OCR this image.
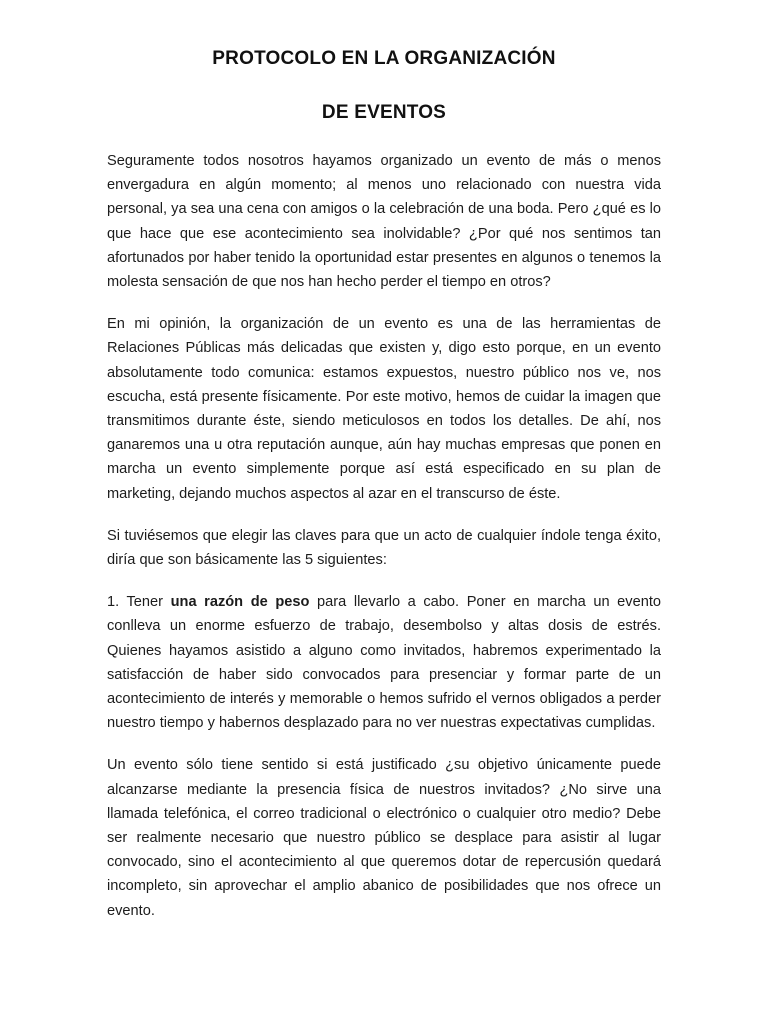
PROTOCOLO EN LA ORGANIZACIÓN
DE EVENTOS

Seguramente todos nosotros hayamos organizado un evento de más o menos envergadura en algún momento; al menos uno relacionado con nuestra vida personal, ya sea una cena con amigos o la celebración de una boda. Pero ¿qué es lo que hace que ese acontecimiento sea inolvidable? ¿Por qué nos sentimos tan afortunados por haber tenido la oportunidad estar presentes en algunos o tenemos la molesta sensación de que nos han hecho perder el tiempo en otros?

En mi opinión, la organización de un evento es una de las herramientas de Relaciones Públicas más delicadas que existen y, digo esto porque, en un evento absolutamente todo comunica: estamos expuestos, nuestro público nos ve, nos escucha, está presente físicamente. Por este motivo, hemos de cuidar la imagen que transmitimos durante éste, siendo meticulosos en todos los detalles. De ahí, nos ganaremos una u otra reputación aunque, aún hay muchas empresas que ponen en marcha un evento simplemente porque así está especificado en su plan de marketing, dejando muchos aspectos al azar en el transcurso de éste.

Si tuviésemos que elegir las claves para que un acto de cualquier índole tenga éxito, diría que son básicamente las 5 siguientes:

1. Tener una razón de peso para llevarlo a cabo. Poner en marcha un evento conlleva un enorme esfuerzo de trabajo, desembolso y altas dosis de estrés. Quienes hayamos asistido a alguno como invitados, habremos experimentado la satisfacción de haber sido convocados para presenciar y formar parte de un acontecimiento de interés y memorable o hemos sufrido el vernos obligados a perder nuestro tiempo y habernos desplazado para no ver nuestras expectativas cumplidas.

Un evento sólo tiene sentido si está justificado ¿su objetivo únicamente puede alcanzarse mediante la presencia física de nuestros invitados? ¿No sirve una llamada telefónica, el correo tradicional o electrónico o cualquier otro medio? Debe ser realmente necesario que nuestro público se desplace para asistir al lugar convocado, sino el acontecimiento al que queremos dotar de repercusión quedará incompleto, sin aprovechar el amplio abanico de posibilidades que nos ofrece un evento.
